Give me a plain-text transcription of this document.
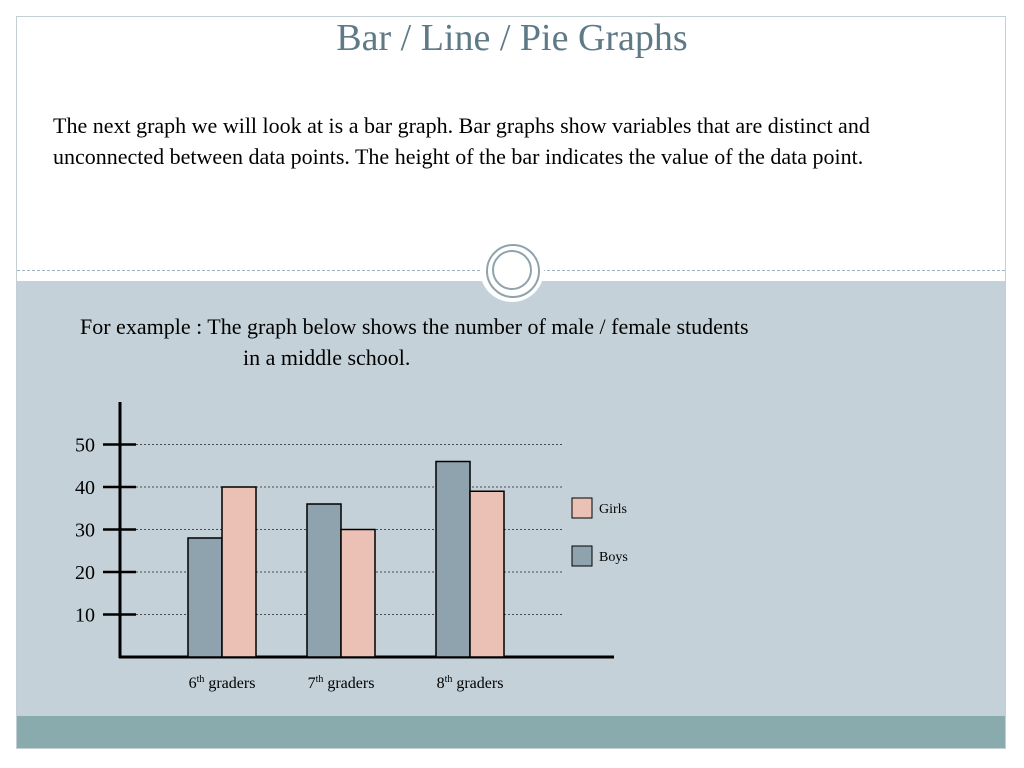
Bar / Line / Pie Graphs
The next graph we will look at is a bar graph. Bar graphs show variables that are distinct and unconnected between data points. The height of the bar indicates the value of the data point.
For example : The graph below shows the number of male / female students
in a middle school.
10
20
30
40
50
6th graders	7th graders	8th graders
Girls
Boys
